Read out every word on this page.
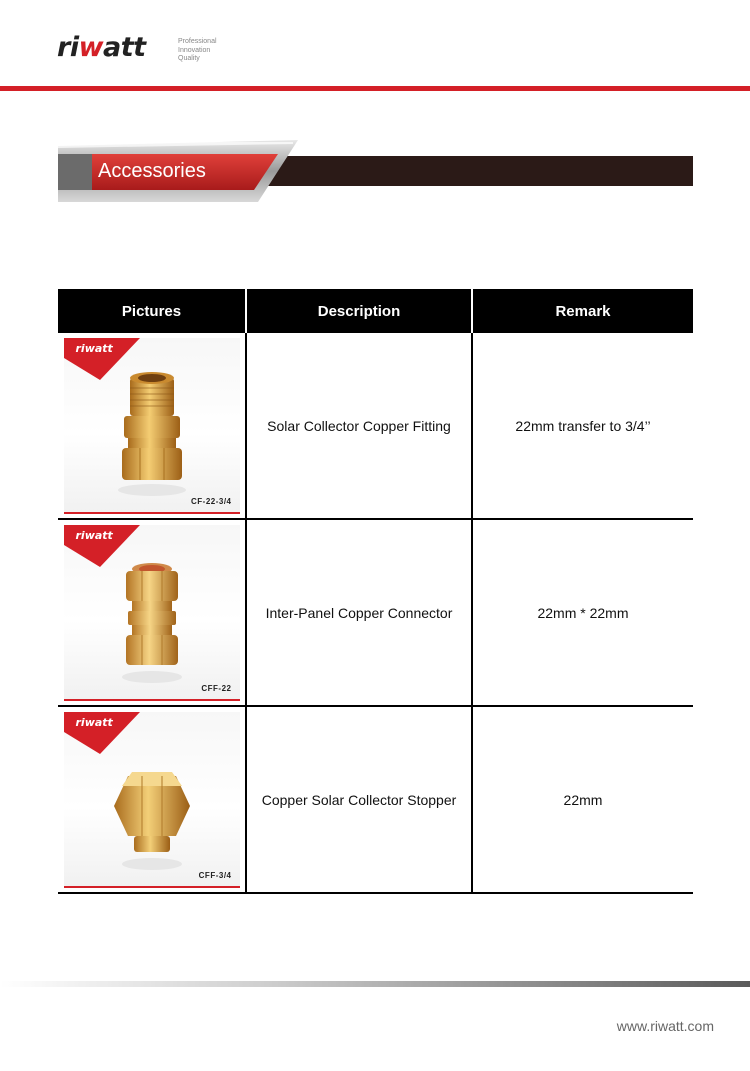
riwatt	Professional
Innovation
Quality
Accessories
Pictures	Description	Remark
riwatt
CF-22-3/4
Solar Collector Copper Fitting	22mm transfer to 3/4’’
riwatt
CFF-22
Inter-Panel Copper Connector	22mm * 22mm
riwatt
CFF-3/4
Copper Solar Collector Stopper	22mm
www.riwatt.com
